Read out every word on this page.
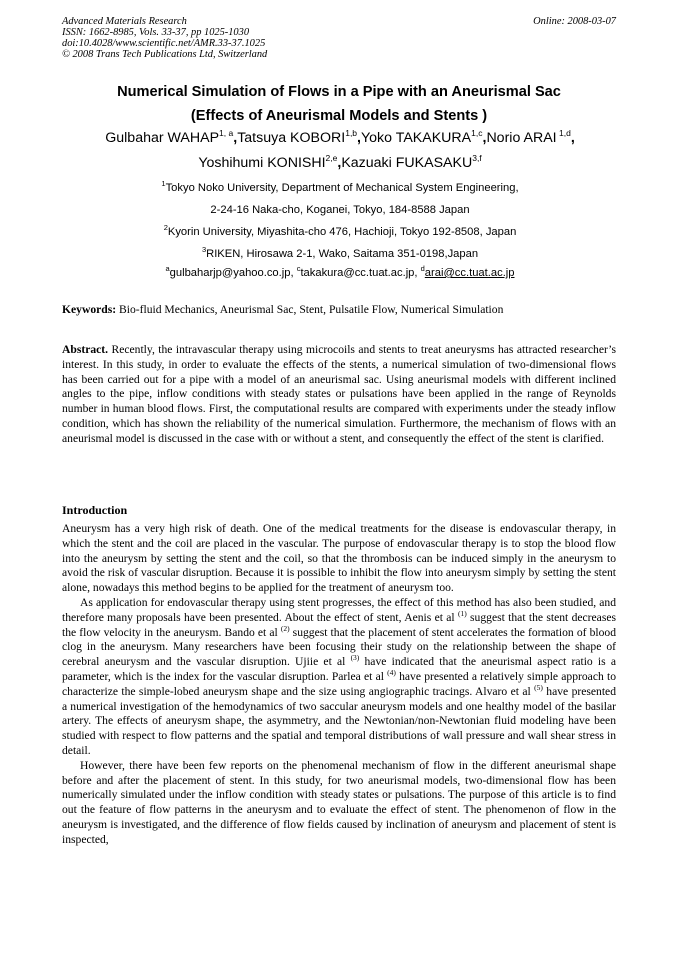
Advanced Materials Research
ISSN: 1662-8985, Vols. 33-37, pp 1025-1030
doi:10.4028/www.scientific.net/AMR.33-37.1025
© 2008 Trans Tech Publications Ltd, Switzerland
Online: 2008-03-07
Numerical Simulation of Flows in a Pipe with an Aneurismal Sac
(Effects of Aneurismal Models and Stents )
Gulbahar WAHAP$^{1, a}$,Tatsuya KOBORI$^{1,b}$,Yoko TAKAKURA$^{1,c}$,Norio ARAI $^{1,d}$,
Yoshihumi KONISHI$^{2,e}$,Kazuaki FUKASAKU$^{3,f}$
$^1$Tokyo Noko University, Department of Mechanical System Engineering,
2-24-16 Naka-cho, Koganei, Tokyo, 184-8588 Japan
$^2$Kyorin University, Miyashita-cho 476, Hachioji, Tokyo 192-8508, Japan
$^3$RIKEN, Hirosawa 2-1, Wako, Saitama 351-0198,Japan
$^a$gulbaharjp@yahoo.co.jp, $^c$takakura@cc.tuat.ac.jp, $^d$arai@cc.tuat.ac.jp
Keywords: Bio-fluid Mechanics, Aneurismal Sac, Stent, Pulsatile Flow, Numerical Simulation
Abstract. Recently, the intravascular therapy using microcoils and stents to treat aneurysms has attracted researcher’s interest. In this study, in order to evaluate the effects of the stents, a numerical simulation of two-dimensional flows has been carried out for a pipe with a model of an aneurismal sac. Using aneurismal models with different inclined angles to the pipe, inflow conditions with steady states or pulsations have been applied in the range of Reynolds number in human blood flows. First, the computational results are compared with experiments under the steady inflow condition, which has shown the reliability of the numerical simulation. Furthermore, the mechanism of flows with an aneurismal model is discussed in the case with or without a stent, and consequently the effect of the stent is clarified.
Introduction

Aneurysm has a very high risk of death. One of the medical treatments for the disease is endovascular therapy, in which the stent and the coil are placed in the vascular. The purpose of endovascular therapy is to stop the blood flow into the aneurysm by setting the stent and the coil, so that the thrombosis can be induced simply in the aneurysm to avoid the risk of vascular disruption. Because it is possible to inhibit the flow into aneurysm simply by setting the stent alone, nowadays this method begins to be applied for the treatment of aneurysm too.

As application for endovascular therapy using stent progresses, the effect of this method has also been studied, and therefore many proposals have been presented. About the effect of stent, Aenis et al $^{(1)}$ suggest that the stent decreases the flow velocity in the aneurysm. Bando et al $^{(2)}$ suggest that the placement of stent accelerates the formation of blood clog in the aneurysm. Many researchers have been focusing their study on the relationship between the shape of cerebral aneurysm and the vascular disruption. Ujiie et al $^{(3)}$ have indicated that the aneurismal aspect ratio is a parameter, which is the index for the vascular disruption. Parlea et al $^{(4)}$ have presented a relatively simple approach to characterize the simple-lobed aneurysm shape and the size using angiographic tracings. Alvaro et al $^{(5)}$ have presented a numerical investigation of the hemodynamics of two saccular aneurysm models and one healthy model of the basilar artery. The effects of aneurysm shape, the asymmetry, and the Newtonian/non-Newtonian fluid modeling have been studied with respect to flow patterns and the spatial and temporal distributions of wall pressure and wall shear stress in detail.

However, there have been few reports on the phenomenal mechanism of flow in the different aneurismal shape before and after the placement of stent. In this study, for two aneurismal models, two-dimensional flow has been numerically simulated under the inflow condition with steady states or pulsations. The purpose of this article is to find out the feature of flow patterns in the aneurysm and to evaluate the effect of stent. The phenomenon of flow in the aneurysm is investigated, and the difference of flow fields caused by inclination of aneurysm and placement of stent is inspected,
